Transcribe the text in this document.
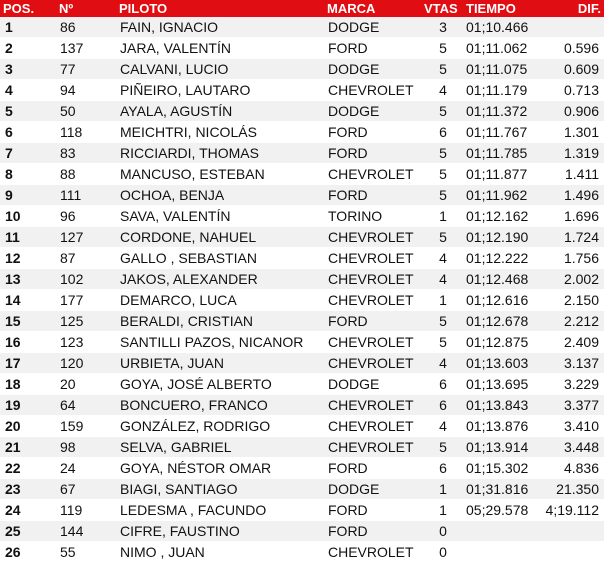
POS.	Nº	PILOTO	MARCA	VTAS	TIEMPO	DIF.
1	86	FAIN, IGNACIO	DODGE	3	01;10.466	
2	137	JARA, VALENTÍN	FORD	5	01;11.062	0.596
3	77	CALVANI, LUCIO	DODGE	5	01;11.075	0.609
4	94	PIÑEIRO, LAUTARO	CHEVROLET	4	01;11.179	0.713
5	50	AYALA, AGUSTÍN	DODGE	5	01;11.372	0.906
6	118	MEICHTRI, NICOLÁS	FORD	6	01;11.767	1.301
7	83	RICCIARDI, THOMAS	FORD	5	01;11.785	1.319
8	88	MANCUSO, ESTEBAN	CHEVROLET	5	01;11.877	1.411
9	111	OCHOA, BENJA	FORD	5	01;11.962	1.496
10	96	SAVA, VALENTÍN	TORINO	1	01;12.162	1.696
11	127	CORDONE, NAHUEL	CHEVROLET	5	01;12.190	1.724
12	87	GALLO , SEBASTIAN	CHEVROLET	4	01;12.222	1.756
13	102	JAKOS, ALEXANDER	CHEVROLET	4	01;12.468	2.002
14	177	DEMARCO, LUCA	CHEVROLET	1	01;12.616	2.150
15	125	BERALDI, CRISTIAN	FORD	5	01;12.678	2.212
16	123	SANTILLI PAZOS, NICANOR	CHEVROLET	5	01;12.875	2.409
17	120	URBIETA, JUAN	CHEVROLET	4	01;13.603	3.137
18	20	GOYA, JOSÉ ALBERTO	DODGE	6	01;13.695	3.229
19	64	BONCUERO, FRANCO	CHEVROLET	6	01;13.843	3.377
20	159	GONZÁLEZ, RODRIGO	CHEVROLET	4	01;13.876	3.410
21	98	SELVA, GABRIEL	CHEVROLET	5	01;13.914	3.448
22	24	GOYA, NÉSTOR OMAR	FORD	6	01;15.302	4.836
23	67	BIAGI, SANTIAGO	DODGE	1	01;31.816	21.350
24	119	LEDESMA , FACUNDO	FORD	1	05;29.578	4;19.112
25	144	CIFRE, FAUSTINO	FORD	0		
26	55	NIMO , JUAN	CHEVROLET	0		
